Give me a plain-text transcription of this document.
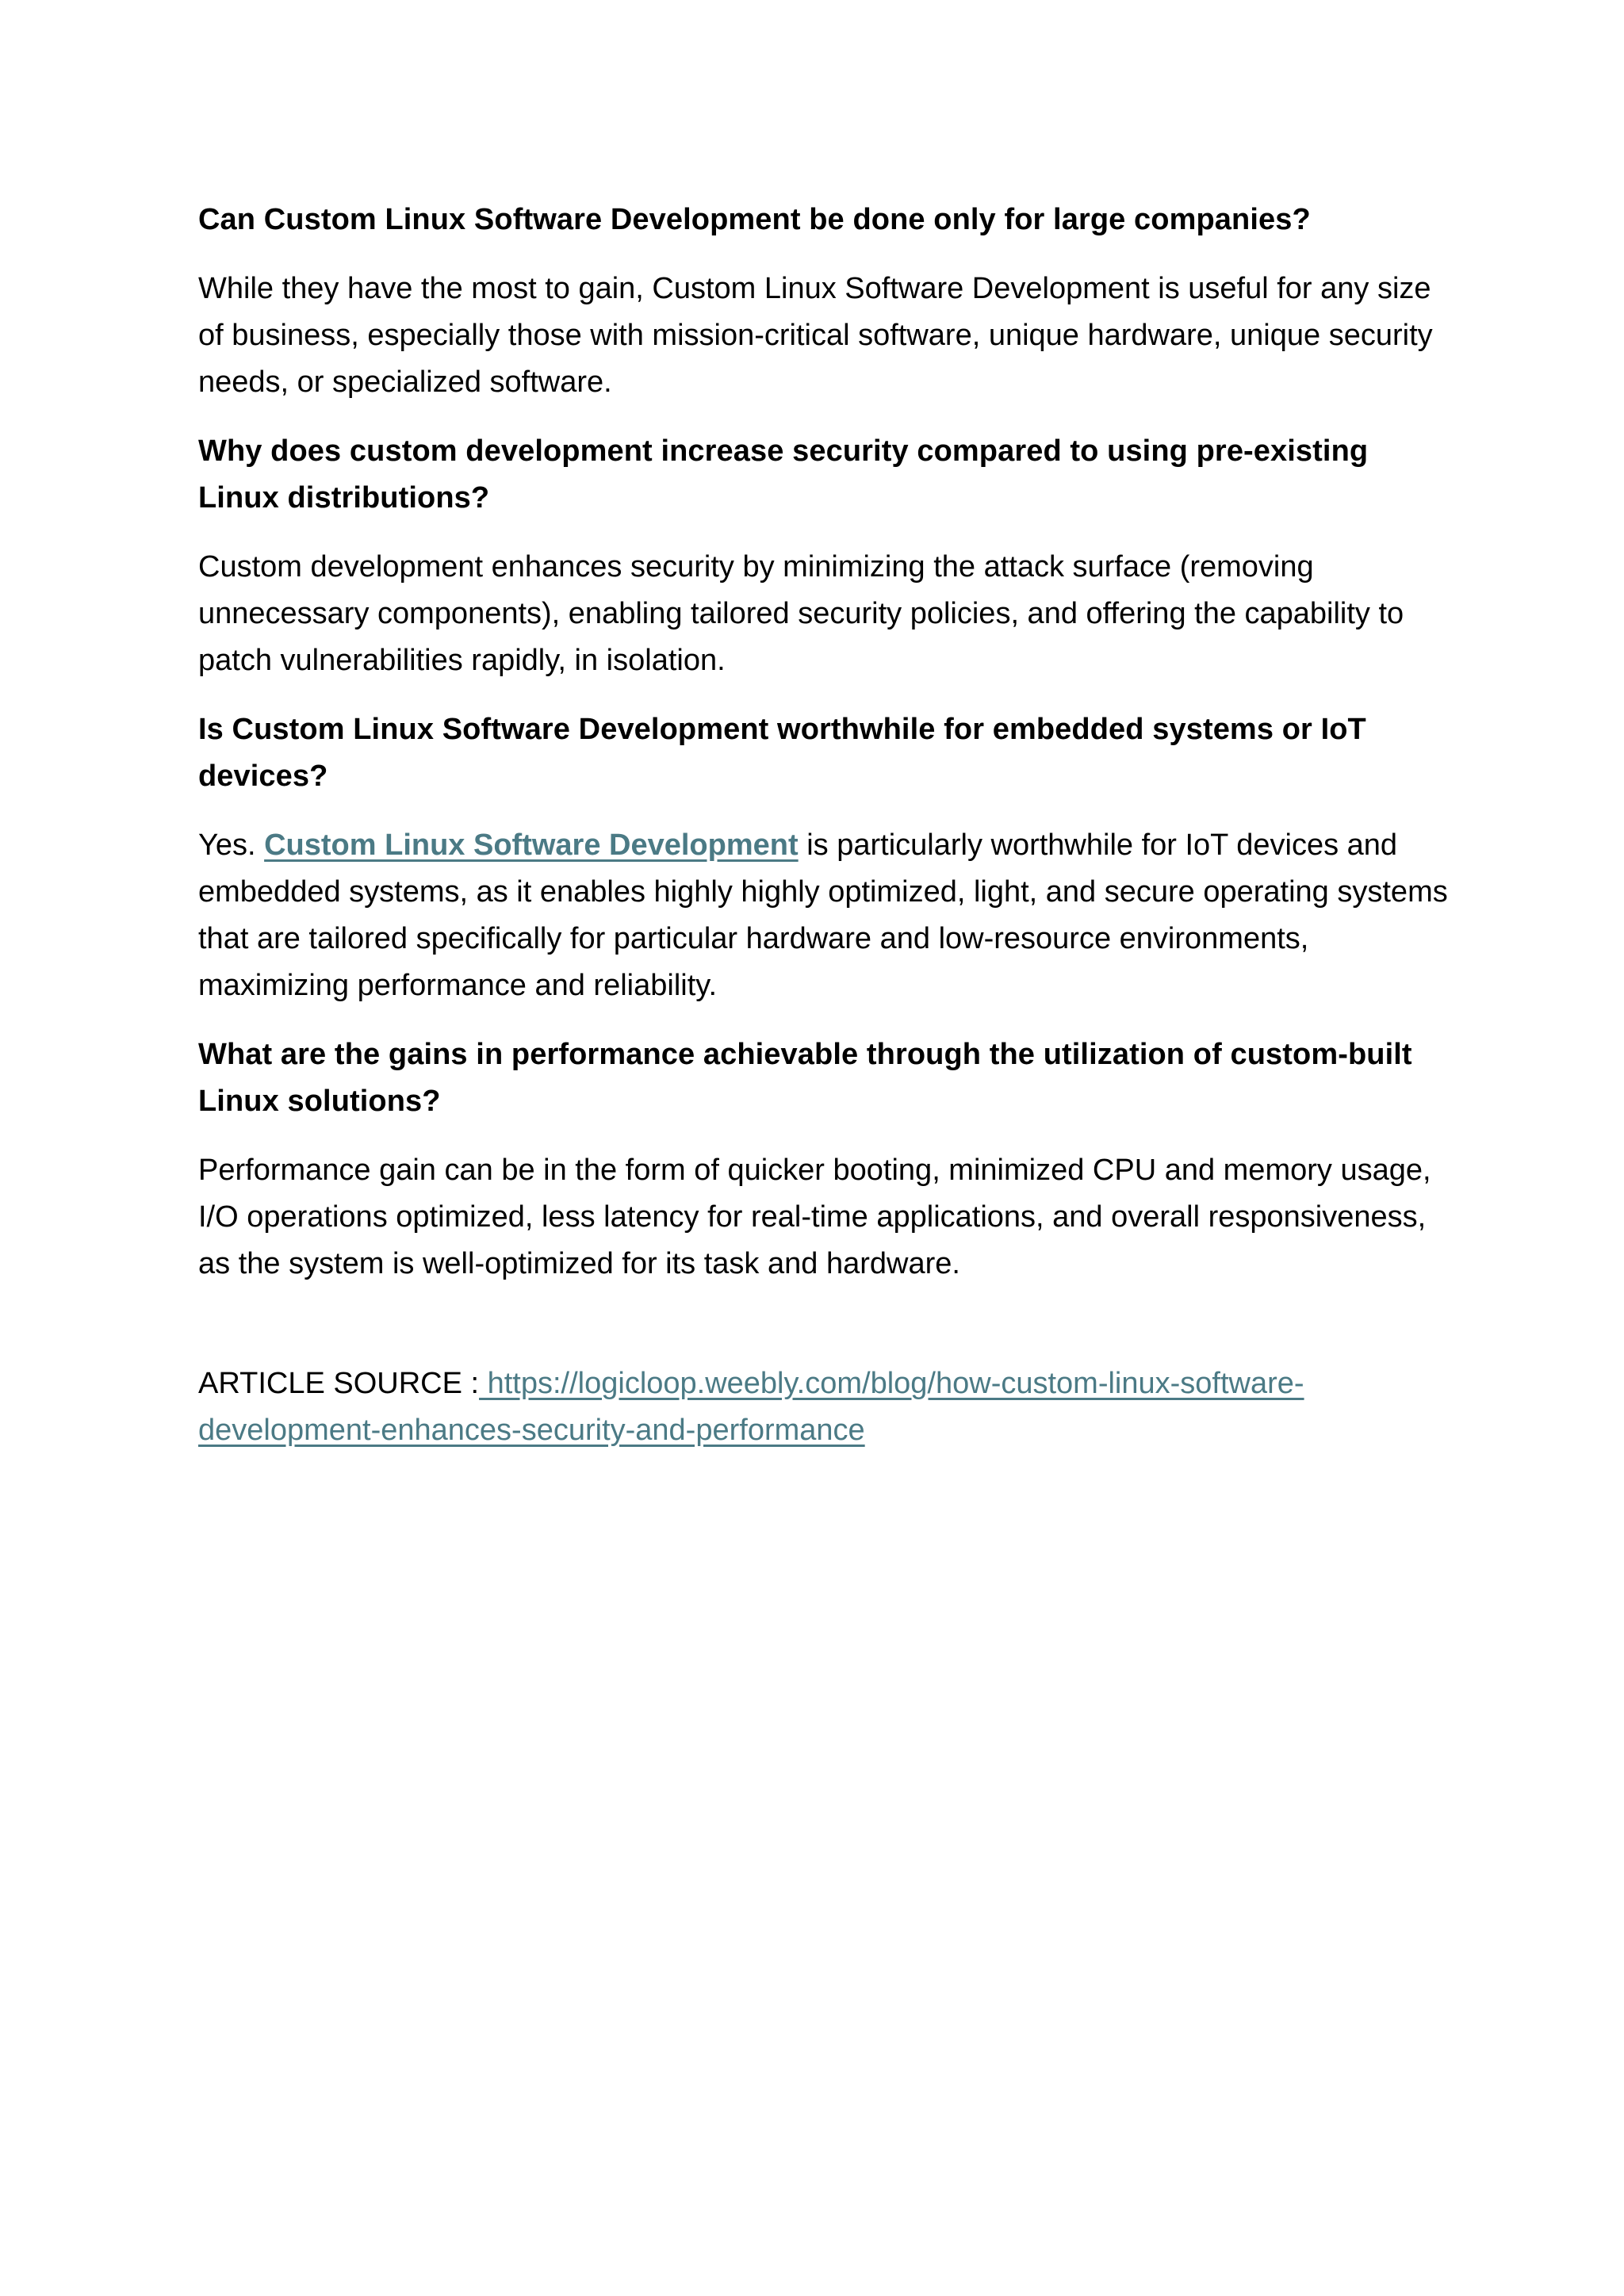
Can Custom Linux Software Development be done only for large companies?

While they have the most to gain, Custom Linux Software Development is useful for any size of business, especially those with mission-critical software, unique hardware, unique security needs, or specialized software.

Why does custom development increase security compared to using pre-existing Linux distributions?

Custom development enhances security by minimizing the attack surface (removing unnecessary components), enabling tailored security policies, and offering the capability to patch vulnerabilities rapidly, in isolation.

Is Custom Linux Software Development worthwhile for embedded systems or IoT devices?

Yes. Custom Linux Software Development is particularly worthwhile for IoT devices and embedded systems, as it enables highly highly optimized, light, and secure operating systems that are tailored specifically for particular hardware and low-resource environments, maximizing performance and reliability.

What are the gains in performance achievable through the utilization of custom-built Linux solutions?

Performance gain can be in the form of quicker booting, minimized CPU and memory usage, I/O operations optimized, less latency for real-time applications, and overall responsiveness, as the system is well-optimized for its task and hardware.

ARTICLE SOURCE : https://logicloop.weebly.com/blog/how-custom-linux-software-development-enhances-security-and-performance
